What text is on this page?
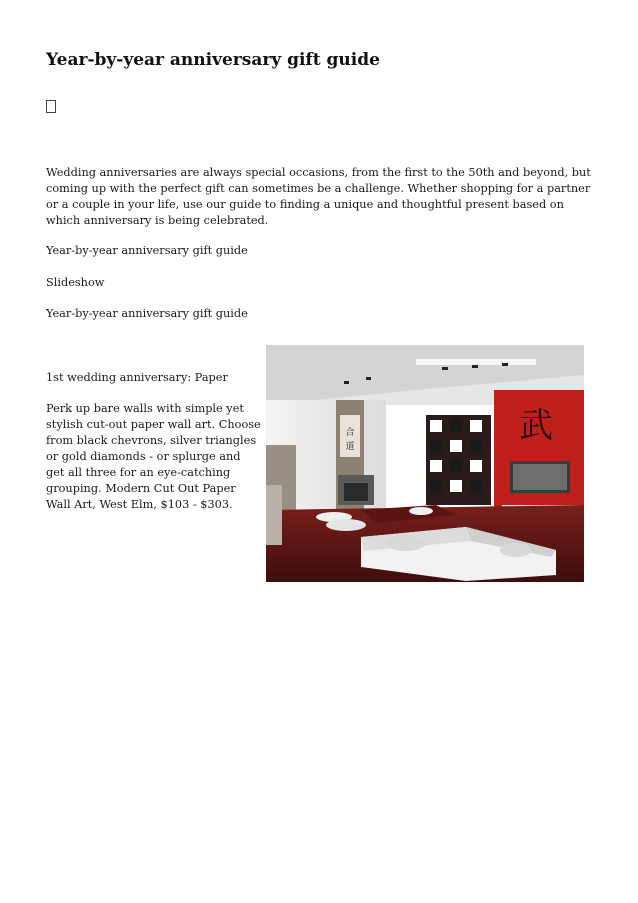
Year-by-year anniversary gift guide

Wedding anniversaries are always special occasions, from the first to the 50th and beyond, but coming up with the perfect gift can sometimes be a challenge. Whether shopping for a partner or a couple in your life, use our guide to finding a unique and thoughtful present based on which anniversary is being celebrated.

Year-by-year anniversary gift guide

Slideshow

Year-by-year anniversary gift guide

1st wedding anniversary: Paper

Perk up bare walls with simple yet stylish cut-out paper wall art. Choose from black chevrons, silver triangles or gold diamonds - or splurge and get all three for an eye-catching grouping. Modern Cut Out Paper Wall Art, West Elm, $103 - $303.

合
道
武
